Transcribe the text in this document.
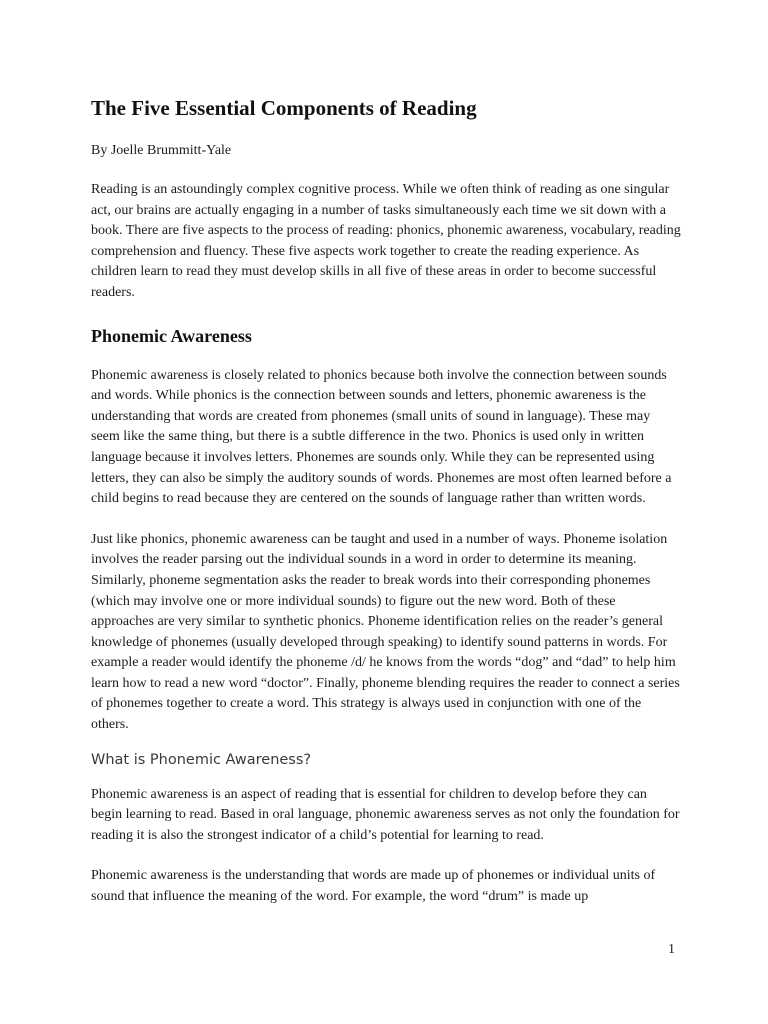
The Five Essential Components of Reading
By Joelle Brummitt-Yale

Reading is an astoundingly complex cognitive process. While we often think of reading as one singular act, our brains are actually engaging in a number of tasks simultaneously each time we sit down with a book. There are five aspects to the process of reading: phonics, phonemic awareness, vocabulary, reading comprehension and fluency. These five aspects work together to create the reading experience. As children learn to read they must develop skills in all five of these areas in order to become successful readers.

Phonemic Awareness

Phonemic awareness is closely related to phonics because both involve the connection between sounds and words. While phonics is the connection between sounds and letters, phonemic awareness is the understanding that words are created from phonemes (small units of sound in language). These may seem like the same thing, but there is a subtle difference in the two. Phonics is used only in written language because it involves letters. Phonemes are sounds only. While they can be represented using letters, they can also be simply the auditory sounds of words. Phonemes are most often learned before a child begins to read because they are centered on the sounds of language rather than written words.

Just like phonics, phonemic awareness can be taught and used in a number of ways. Phoneme isolation involves the reader parsing out the individual sounds in a word in order to determine its meaning. Similarly, phoneme segmentation asks the reader to break words into their corresponding phonemes (which may involve one or more individual sounds) to figure out the new word. Both of these approaches are very similar to synthetic phonics. Phoneme identification relies on the reader’s general knowledge of phonemes (usually developed through speaking) to identify sound patterns in words. For example a reader would identify the phoneme /d/ he knows from the words “dog” and “dad” to help him learn how to read a new word “doctor”. Finally, phoneme blending requires the reader to connect a series of phonemes together to create a word. This strategy is always used in conjunction with one of the others.

What is Phonemic Awareness?

Phonemic awareness is an aspect of reading that is essential for children to develop before they can begin learning to read. Based in oral language, phonemic awareness serves as not only the foundation for reading it is also the strongest indicator of a child’s potential for learning to read.

Phonemic awareness is the understanding that words are made up of phonemes or individual units of sound that influence the meaning of the word. For example, the word “drum” is made up

1
